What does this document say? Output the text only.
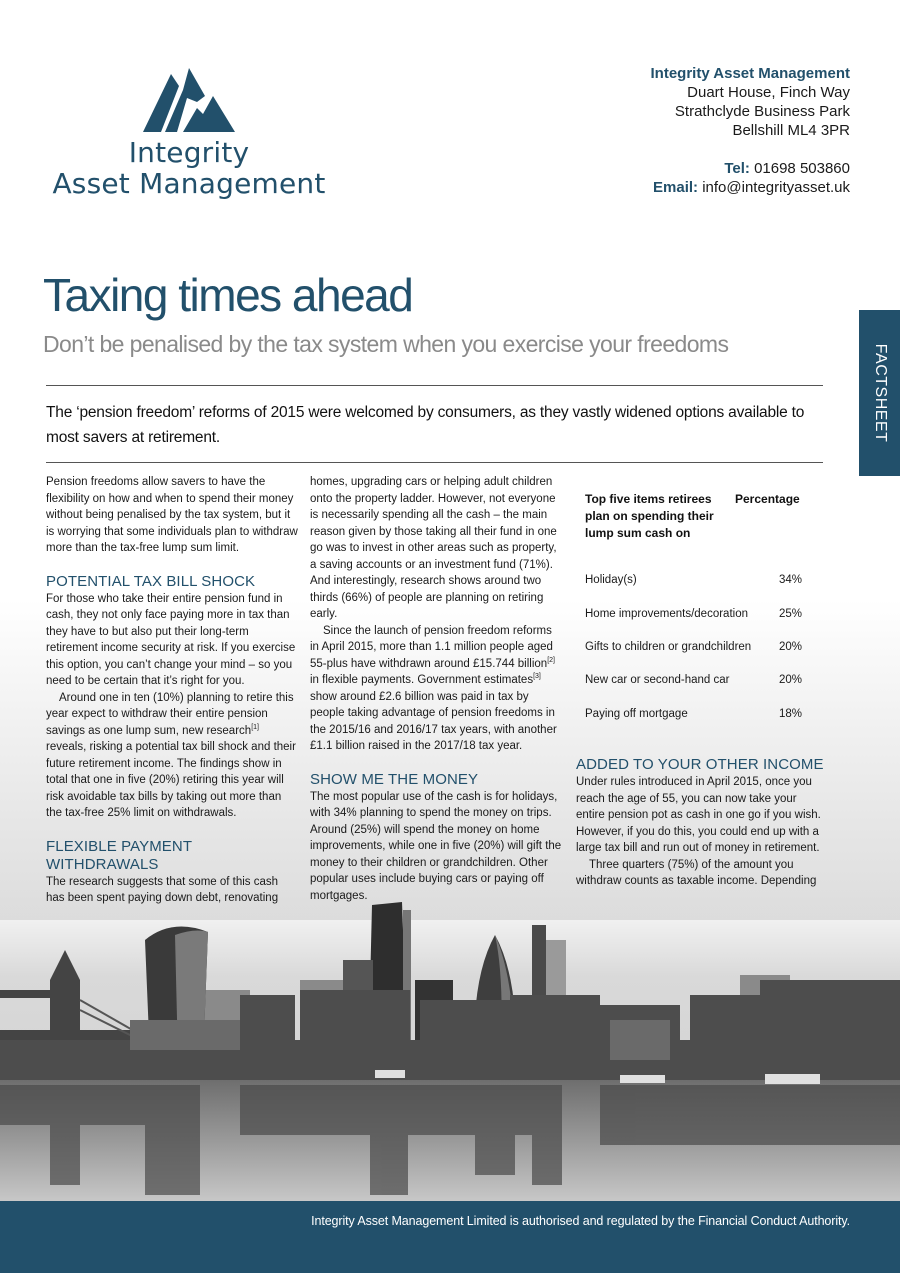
Integrity
Asset Management
Integrity Asset Management
Duart House, Finch Way
Strathclyde Business Park
Bellshill ML4 3PR
Tel: 01698 503860
Email: info@integrityasset.uk
Taxing times ahead
Don’t be penalised by the tax system when you exercise your freedoms	FACTSHEET
The ‘pension freedom’ reforms of 2015 were welcomed by consumers, as they vastly widened options available to most savers at retirement.

Pension freedoms allow savers to have the flexibility on how and when to spend their money without being penalised by the tax system, but it is worrying that some individuals plan to withdraw more than the tax-free lump sum limit.

POTENTIAL TAX BILL SHOCK

For those who take their entire pension fund in cash, they not only face paying more in tax than they have to but also put their long-term retirement income security at risk. If you exercise this option, you can’t change your mind – so you need to be certain that it’s right for you.

Around one in ten (10%) planning to retire this year expect to withdraw their entire pension savings as one lump sum, new research[1] reveals, risking a potential tax bill shock and their future retirement income. The findings show in total that one in five (20%) retiring this year will risk avoidable tax bills by taking out more than the tax-free 25% limit on withdrawals.

FLEXIBLE PAYMENT WITHDRAWALS

The research suggests that some of this cash has been spent paying down debt, renovating

homes, upgrading cars or helping adult children onto the property ladder. However, not everyone is necessarily spending all the cash – the main reason given by those taking all their fund in one go was to invest in other areas such as property, a saving accounts or an investment fund (71%). And interestingly, research shows around two thirds (66%) of people are planning on retiring early.

Since the launch of pension freedom reforms in April 2015, more than 1.1 million people aged 55-plus have withdrawn around £15.744 billion[2] in flexible payments. Government estimates[3] show around £2.6 billion was paid in tax by people taking advantage of pension freedoms in the 2015/16 and 2016/17 tax years, with another £1.1 billion raised in the 2017/18 tax year.

SHOW ME THE MONEY

The most popular use of the cash is for holidays, with 34% planning to spend the money on trips. Around (25%) will spend the money on home improvements, while one in five (20%) will gift the money to their children or grandchildren. Other popular uses include buying cars or paying off mortgages.

Top five items retirees plan on spending their lump sum cash on
Percentage
Holiday(s)	34%
Home improvements/decoration	25%
Gifts to children or grandchildren 20%
New car or second-hand car	20%
Paying off mortgage	18%
ADDED TO YOUR OTHER INCOME

Under rules introduced in April 2015, once you reach the age of 55, you can now take your entire pension pot as cash in one go if you wish. However, if you do this, you could end up with a large tax bill and run out of money in retirement.

Three quarters (75%) of the amount you withdraw counts as taxable income. Depending

Integrity Asset Management Limited is authorised and regulated by the Financial Conduct Authority.
